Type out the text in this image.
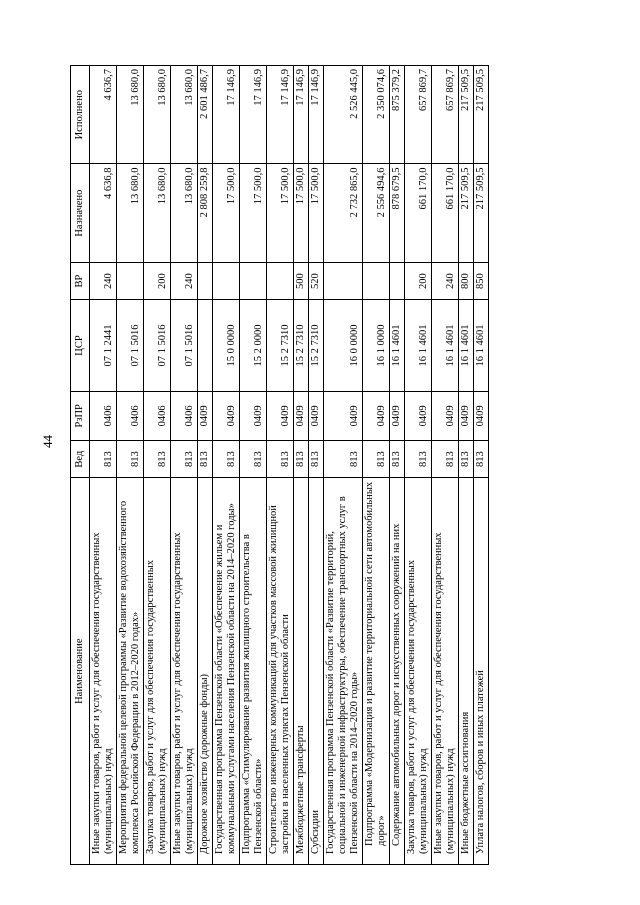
44
Наименование	Вед	РзПР	ЦСР	ВР	Назначено	Исполнено
Иные закупки товаров, работ и услуг для обеспечения государственных (муниципальных) нужд	813	0406	07 1 2441	240	4 636,8	4 636,7
Мероприятия федеральной целевой программы «Развитие водохозяйственного комплекса Российской Федерации в 2012–2020 годах»	813	0406	07 1 5016		13 680,0	13 680,0
Закупка товаров, работ и услуг для обеспечения государственных (муниципальных) нужд	813	0406	07 1 5016	200	13 680,0	13 680,0
Иные закупки товаров, работ и услуг для обеспечения государственных (муниципальных) нужд	813	0406	07 1 5016	240	13 680,0	13 680,0
Дорожное хозяйство (дорожные фонды)	813	0409			2 808 259,8	2 601 486,7
Государственная программа Пензенской области «Обеспечение жильем и коммунальными услугами населения Пензенской области на 2014–2020 годы»	813	0409	15 0 0000		17 500,0	17 146,9
Подпрограмма «Стимулирование развития жилищного строительства в Пензенской области»	813	0409	15 2 0000		17 500,0	17 146,9
Строительство инженерных коммуникаций для участков массовой жилищной застройки в населенных пунктах Пензенской области	813	0409	15 2 7310		17 500,0	17 146,9
Межбюджетные трансферты	813	0409	15 2 7310	500	17 500,0	17 146,9
Субсидии	813	0409	15 2 7310	520	17 500,0	17 146,9
Государственная программа Пензенской области «Развитие территорий, социальной и инженерной инфраструктуры, обеспечение транспортных услуг в Пензенской области на 2014–2020 годы»	813	0409	16 0 0000		2 732 865,0	2 526 445,0
Подпрограмма «Модернизация и развитие территориальной сети автомобильных дорог»	813	0409	16 1 0000		2 556 494,6	2 350 074,6
Содержание автомобильных дорог и искусственных сооружений на них	813	0409	16 1 4601		878 679,5	875 379,2
Закупка товаров, работ и услуг для обеспечения государственных (муниципальных) нужд	813	0409	16 1 4601	200	661 170,0	657 869,7
Иные закупки товаров, работ и услуг для обеспечения государственных (муниципальных) нужд	813	0409	16 1 4601	240	661 170,0	657 869,7
Иные бюджетные ассигнования	813	0409	16 1 4601	800	217 509,5	217 509,5
Уплата налогов, сборов и иных платежей	813	0409	16 1 4601	850	217 509,5	217 509,5
